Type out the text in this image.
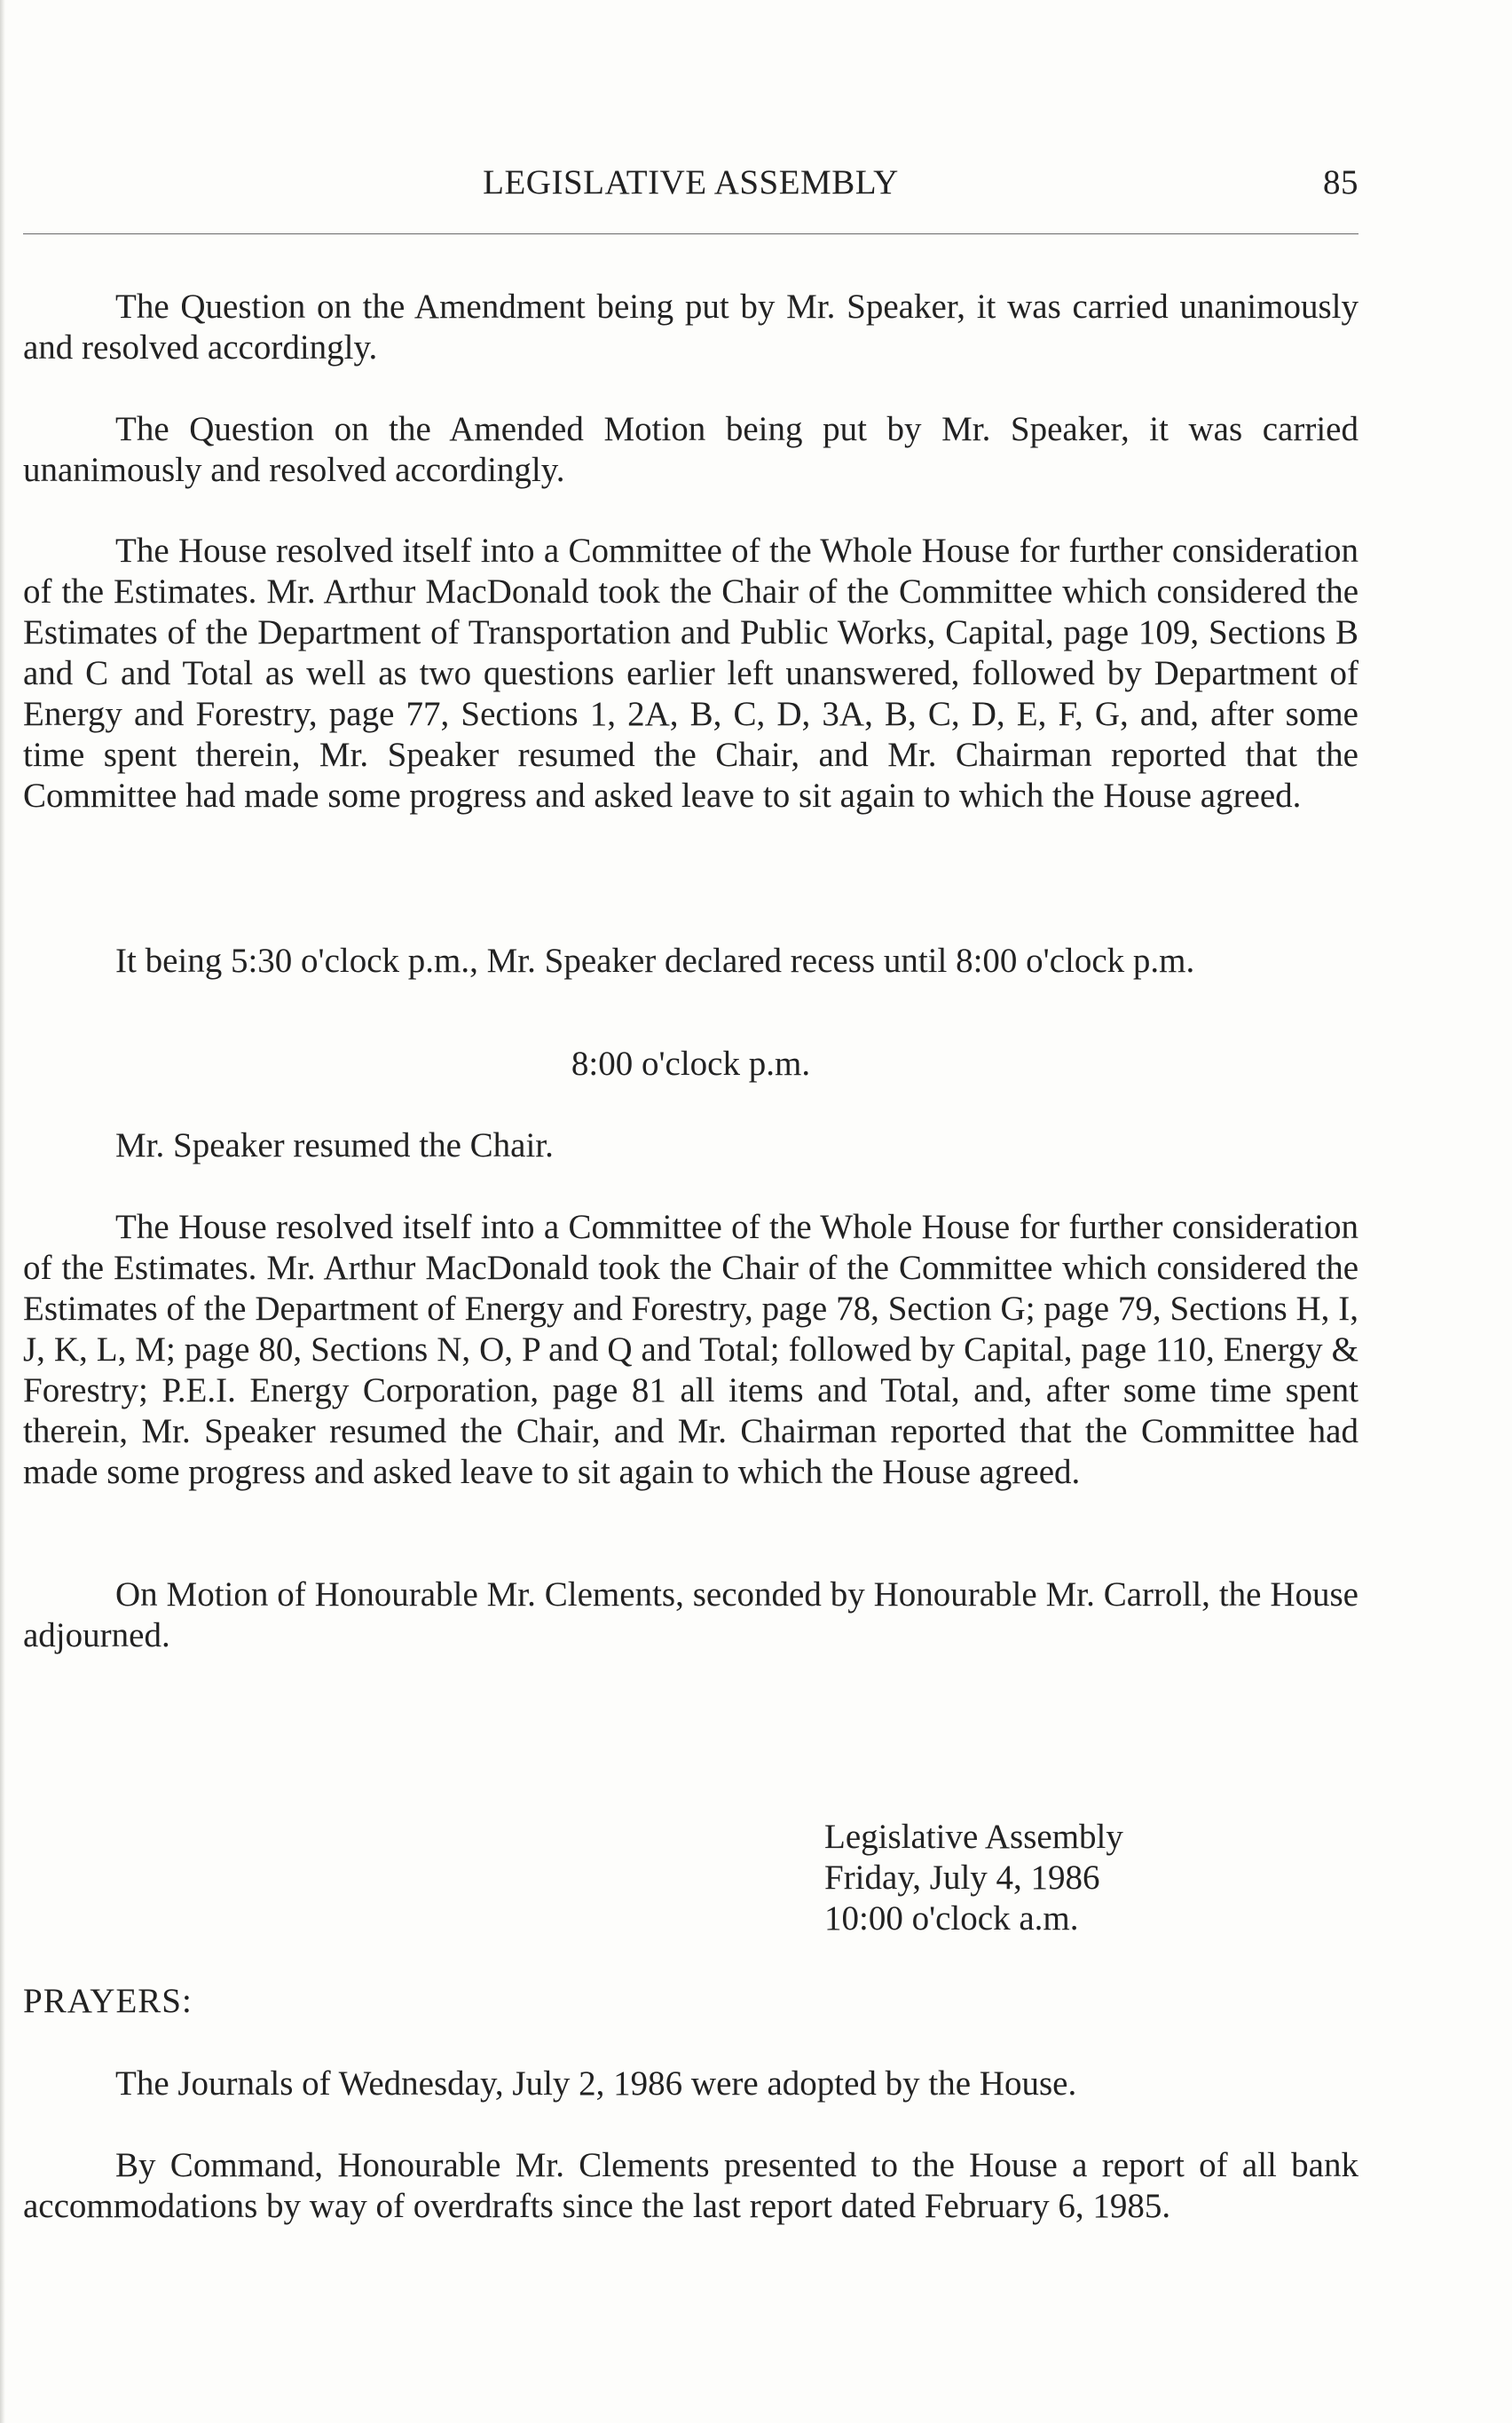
LEGISLATIVE ASSEMBLY	85

The Question on the Amendment being put by Mr. Speaker, it was carried unanimously and resolved accordingly.

The Question on the Amended Motion being put by Mr. Speaker, it was carried unanimously and resolved accordingly.

The House resolved itself into a Committee of the Whole House for further consideration of the Estimates. Mr. Arthur MacDonald took the Chair of the Committee which considered the Estimates of the Department of Transportation and Public Works, Capital, page 109, Sections B and C and Total as well as two questions earlier left unanswered, followed by Department of Energy and Forestry, page 77, Sections 1, 2A, B, C, D, 3A, B, C, D, E, F, G, and, after some time spent therein, Mr. Speaker resumed the Chair, and Mr. Chairman reported that the Committee had made some progress and asked leave to sit again to which the House agreed.

It being 5:30 o'clock p.m., Mr. Speaker declared recess until 8:00 o'clock p.m.

8:00 o'clock p.m.

Mr. Speaker resumed the Chair.

The House resolved itself into a Committee of the Whole House for further consideration of the Estimates. Mr. Arthur MacDonald took the Chair of the Committee which considered the Estimates of the Department of Energy and Forestry, page 78, Section G; page 79, Sections H, I, J, K, L, M; page 80, Sections N, O, P and Q and Total; followed by Capital, page 110, Energy & Forestry; P.E.I. Energy Corporation, page 81 all items and Total, and, after some time spent therein, Mr. Speaker resumed the Chair, and Mr. Chairman reported that the Committee had made some progress and asked leave to sit again to which the House agreed.

On Motion of Honourable Mr. Clements, seconded by Honourable Mr. Carroll, the House adjourned.

Legislative Assembly
Friday, July 4, 1986
10:00 o'clock a.m.
PRAYERS:

The Journals of Wednesday, July 2, 1986 were adopted by the House.

By Command, Honourable Mr. Clements presented to the House a report of all bank accommodations by way of overdrafts since the last report dated February 6, 1985.
